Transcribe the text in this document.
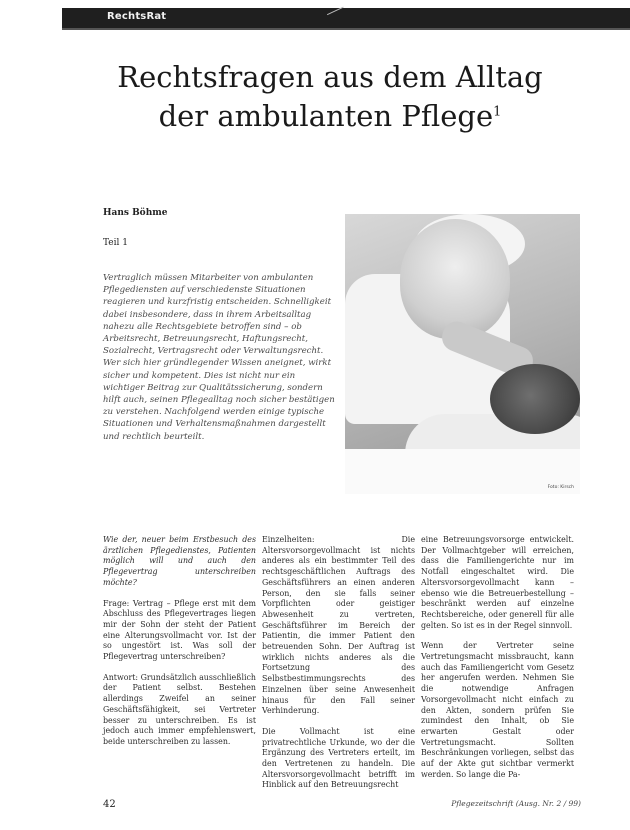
RechtsRat
Rechtsfragen aus dem Alltag
der ambulanten Pflege$^1$
Hans Böhme
Teil 1
Vertraglich müssen Mitarbeiter von ambulanten Pflegediensten auf verschiedenste Situationen reagieren und kurzfristig entscheiden. Schnelligkeit dabei insbesondere, dass in ihrem Arbeitsalltag nahezu alle Rechtsgebiete betroffen sind – ob Arbeitsrecht, Betreuungsrecht, Haftungsrecht, Sozialrecht, Vertragsrecht oder Verwaltungsrecht. Wer sich hier gründlegender Wissen aneignet, wirkt sicher und kompetent. Dies ist nicht nur ein wichtiger Beitrag zur Qualitätssicherung, sondern hilft auch, seinen Pflegealltag noch sicher bestätigen zu verstehen. Nachfolgend werden einige typische Situationen und Verhaltensmaßnahmen dargestellt und rechtlich beurteilt.
Foto: Kirsch

Wie der, neuer beim Erstbesuch des ärztlichen Pflegedienstes, Patienten möglich will und auch den Pflegevertrag unterschreiben möchte?

Frage: Vertrag – Pflege erst mit dem Abschluss des Pflegevertrages liegen mir der Sohn der steht der Patient eine Alterungsvollmacht vor. Ist der so ungestört ist. Was soll der Pflegevertrag unterschreiben?

Antwort: Grundsätzlich ausschließlich der Patient selbst. Bestehen allerdings Zweifel an seiner Geschäftsfähigkeit, sei Vertreter besser zu unterschreiben. Es ist jedoch auch immer empfehlenswert, beide unterschreiben zu lassen.

Einzelheiten: Die Altersvorsorgevollmacht ist nichts anderes als ein bestimmter Teil des rechtsgeschäftlichen Auftrags des Geschäftsführers an einen anderen Person, den sie falls seiner Vorpflichten oder geistiger Abwesenheit zu vertreten, Geschäftsführer im Bereich der Patientin, die immer Patient den betreuenden Sohn. Der Auftrag ist wirklich nichts anderes als die Fortsetzung des Selbstbestimmungsrechts des Einzelnen über seine Anwesenheit hinaus für den Fall seiner Verhinderung.

Die Vollmacht ist eine privatrechtliche Urkunde, wo der die Ergänzung des Vertreters erteilt, im den Vertretenen zu handeln. Die Altersvorsorgevollmacht betrifft im Hinblick auf den Betreuungsrecht

eine Betreuungsvorsorge entwickelt. Der Vollmachtgeber will erreichen, dass die Familiengerichte nur im Notfall eingeschaltet wird. Die Altersvorsorgevollmacht kann – ebenso wie die Betreuerbestellung – beschränkt werden auf einzelne Rechtsbereiche, oder generell für alle gelten. So ist es in der Regel sinnvoll.

Wenn der Vertreter seine Vertretungsmacht missbraucht, kann auch das Familiengericht vom Gesetz her angerufen werden. Nehmen Sie die notwendige Anfragen Vorsorgevollmacht nicht einfach zu den Akten, sondern prüfen Sie zumindest den Inhalt, ob Sie erwarten Gestalt oder Vertretungsmacht. Sollten Beschränkungen vorliegen, selbst das auf der Akte gut sichtbar vermerkt werden. So lange die Pa-

42	Pflegezeitschrift (Ausg. Nr. 2 / 99)
